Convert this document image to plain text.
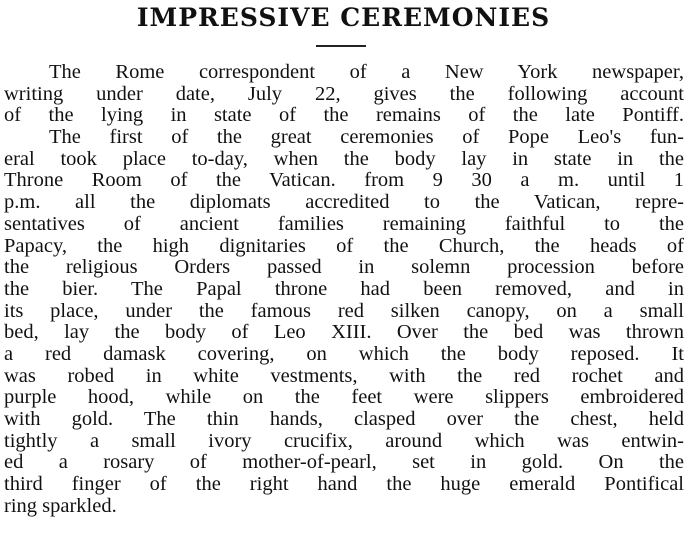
IMPRESSIVE CEREMONIES
The Rome correspondent of a New York newspaper,
writing under date, July 22, gives the following account
of the lying in state of the remains of the late Pontiff.
The first of the great ceremonies of Pope Leo's fun-
eral took place to-day, when the body lay in state in the
Throne Room of the Vatican. from 9 30 a m. until 1
p.m. all the diplomats accredited to the Vatican, repre-
sentatives of ancient families remaining faithful to the
Papacy, the high dignitaries of the Church, the heads of
the religious Orders passed in solemn procession before
the bier. The Papal throne had been removed, and in
its place, under the famous red silken canopy, on a small
bed, lay the body of Leo XIII. Over the bed was thrown
a red damask covering, on which the body reposed. It
was robed in white vestments, with the red rochet and
purple hood, while on the feet were slippers embroidered
with gold. The thin hands, clasped over the chest, held
tightly a small ivory crucifix, around which was entwin-
ed a rosary of mother-of-pearl, set in gold. On the
third finger of the right hand the huge emerald Pontifical
ring sparkled.
